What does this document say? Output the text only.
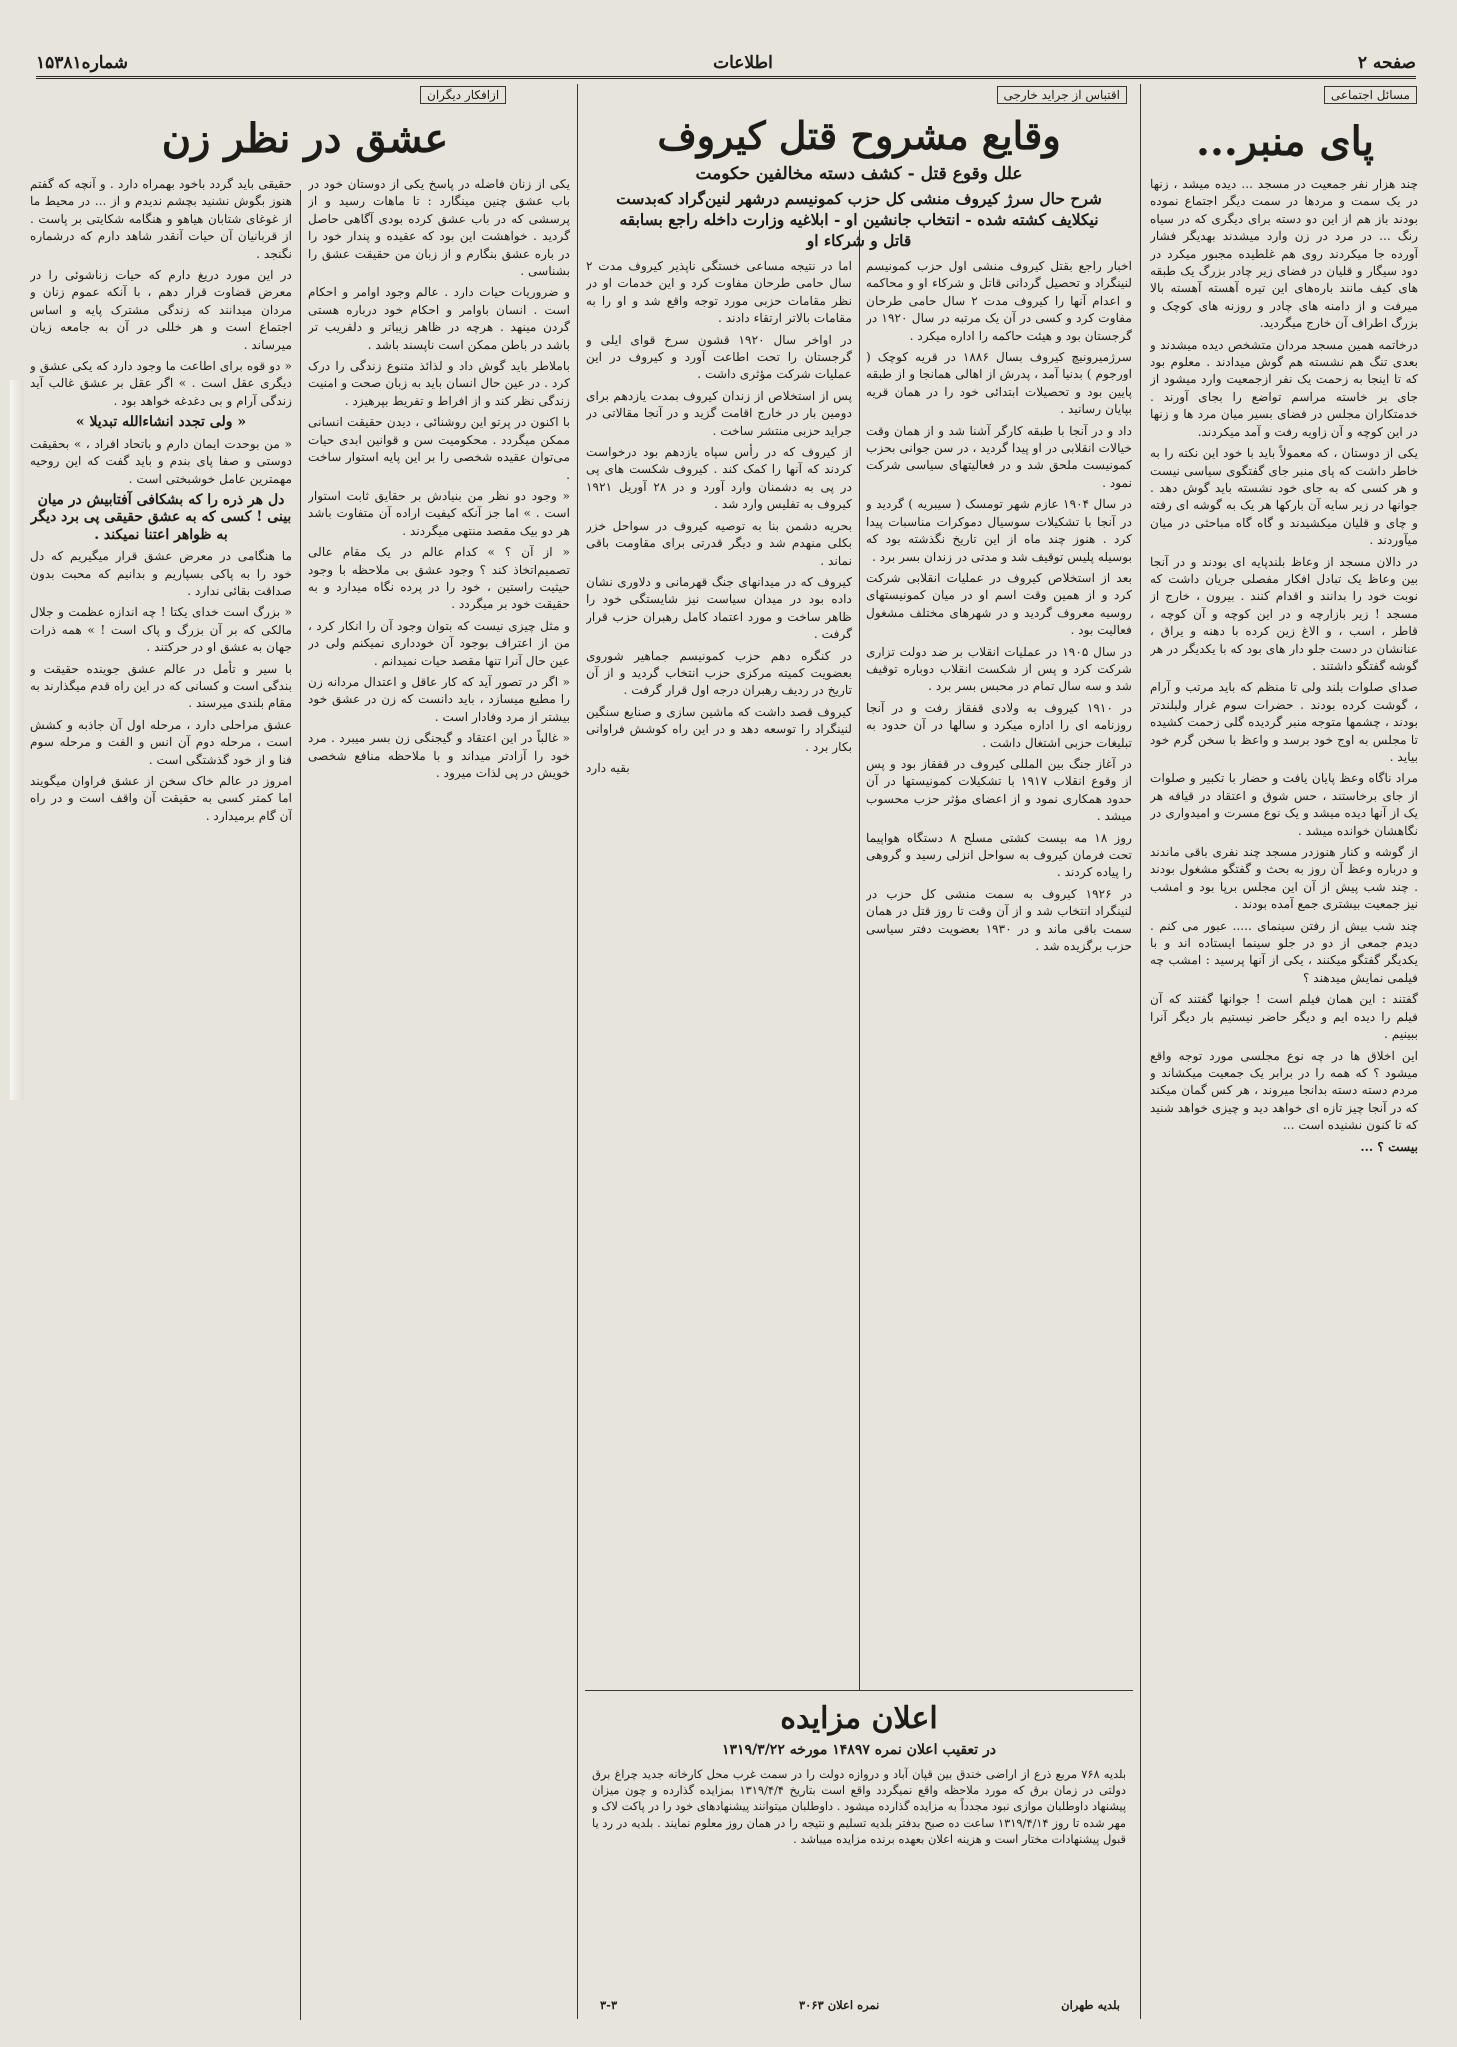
صفحه ۲
اطلاعات
شماره۱۵۳۸۱
مسائل اجتماعی
پای منبر...

چند هزار نفر جمعیت در مسجد ... دیده میشد ، زنها در یک سمت و مردها در سمت دیگر اجتماع نموده بودند باز هم از این دو دسته برای دیگری که در سیاه رنگ ... در مرد در زن وارد میشدند بهدیگر فشار آورده جا میکردند روی هم غلطیده مجبور میکرد در دود سیگار و قلیان در فضای زیر چادر بزرگ یک طبقه های کیف مانند باره‌های این تیره آهسته آهسته بالا میرفت و از دامنه های چادر و روزنه های کوچک و بزرگ اطراف آن خارج میگردید.

درخاتمه همین مسجد مردان متشخص دیده میشدند و بعدی تنگ هم نشسته هم گوش میدادند . معلوم بود که تا اینجا به زحمت یک نفر ازجمعیت وارد میشود از جای بر خاسته مراسم تواضع را بجای آورند . خدمتکاران مجلس در فضای بسیر میان مرد ها و زنها در این کوچه و آن زاویه رفت و آمد میکردند.

یکی از دوستان ، که معمولاً باید با خود این نکته را به خاطر داشت که پای منبر جای گفتگوی سیاسی نیست و هر کسی که به جای خود نشسته باید گوش دهد . جوانها در زیر سایه آن بارکها هر یک به گوشه ای رفته و چای و قلیان میکشیدند و گاه گاه مباحثی در میان میآوردند .

در دالان مسجد از وعاظ بلندپایه ای بودند و در آنجا بین وعاظ یک تبادل افکار مفصلی جریان داشت که نوبت خود را بدانند و اقدام کنند . بیرون ، خارج از مسجد ! زیر بازارچه و در این کوچه و آن کوچه ، قاطر ، اسب ، و الاغ زین کرده با دهنه و یراق ، عنانشان در دست جلو دار های بود که با یکدیگر در هر گوشه گفتگو داشتند .

صدای صلوات بلند ولی تا منظم که باید مرتب و آرام ، گوشت کرده بودند . حضرات سوم غرار ولبلندتر بودند ، چشمها متوجه منبر گردیده گلی زحمت کشیده تا مجلس به اوج خود برسد و واعظ با سخن گرم خود بیاید .

مراد ناگاه وعظ پایان یافت و حضار با تکبیر و صلوات از جای برخاستند ، حس شوق و اعتقاد در قیافه هر یک از آنها دیده میشد و یک نوع مسرت و امیدواری در نگاهشان خوانده میشد .

از گوشه و کنار هنوزدر مسجد چند نفری باقی ماندند و درباره وعظ آن روز به بحث و گفتگو مشغول بودند . چند شب پیش از آن این مجلس برپا بود و امشب نیز جمعیت بیشتری جمع آمده بودند .

چند شب بیش از رفتن سینمای ..... عبور می کنم . دیدم جمعی از دو در جلو سینما ایستاده اند و با یکدیگر گفتگو میکنند ، یکی از آنها پرسید : امشب چه فیلمی نمایش میدهند ؟

گفتند : این همان فیلم است ! جوانها گفتند که آن فیلم را دیده ایم و دیگر حاضر نیستیم بار دیگر آنرا ببینیم .

این اخلاق ها در چه نوع مجلسی مورد توجه واقع میشود ؟ که همه را در برابر یک جمعیت میکشاند و مردم دسته دسته بدانجا میروند ، هر کس گمان میکند که در آنجا چیز تازه ای خواهد دید و چیزی خواهد شنید که تا کنون نشنیده است ...

بیست ؟ ...

اقتباس از جراید خارجی
وقایع مشروح قتل کیروف
علل وقوع قتل - کشف دسته مخالفین حکومت
شرح حال سرژ کیروف منشی کل حزب کمونیسم درشهر لنین‌گراد که‌بدست
نیکلایف کشته شده - انتخاب جانشین او - ابلاغیه وزارت داخله راجع بسابقه
قاتل و شرکاء او

اخبار راجع بقتل کیروف منشی اول حزب کمونیسم لنینگراد و تحصیل گردانی قاتل و شرکاء او و محاکمه و اعدام آنها را کیروف مدت ۲ سال حامی طرحان مفاوت کرد و کسی در آن یک مرتبه در سال ۱۹۲۰ در گرجستان بود و هیئت حاکمه را اداره میکرد .

سرژمیرونیچ کیروف بسال ۱۸۸۶ در قریه کوچک ( اورجوم ) بدنیا آمد ، پدرش از اهالی همانجا و از طبقه پایین بود و تحصیلات ابتدائی خود را در همان قریه بپایان رسانید .

داد و در آنجا با طبقه کارگر آشنا شد و از همان وقت خیالات انقلابی در او پیدا گردید ، در سن جوانی بحزب کمونیست ملحق شد و در فعالیتهای سیاسی شرکت نمود .

در سال ۱۹۰۴ عازم شهر تومسک ( سیبریه ) گردید و در آنجا با تشکیلات سوسیال دموکرات مناسبات پیدا کرد . هنوز چند ماه از این تاریخ نگذشته بود که بوسیله پلیس توقیف شد و مدتی در زندان بسر برد .

بعد از استخلاص کیروف در عملیات انقلابی شرکت کرد و از همین وقت اسم او در میان کمونیستهای روسیه معروف گردید و در شهرهای مختلف مشغول فعالیت بود .

در سال ۱۹۰۵ در عملیات انقلاب بر ضد دولت تزاری شرکت کرد و پس از شکست انقلاب دوباره توقیف شد و سه سال تمام در محبس بسر برد .

در ۱۹۱۰ کیروف به ولادی قفقاز رفت و در آنجا روزنامه ای را اداره میکرد و سالها در آن حدود به تبلیغات حزبی اشتغال داشت .

در آغاز جنگ بین المللی کیروف در قفقاز بود و پس از وقوع انقلاب ۱۹۱۷ با تشکیلات کمونیستها در آن حدود همکاری نمود و از اعضای مؤثر حزب محسوب میشد .

روز ۱۸ مه بیست کشتی مسلح ۸ دستگاه هواپیما تحت فرمان کیروف به سواحل انزلی رسید و گروهی را پیاده کردند .

در ۱۹۲۶ کیروف به سمت منشی کل حزب در لنینگراد انتخاب شد و از آن وقت تا روز قتل در همان سمت باقی ماند و در ۱۹۳۰ بعضویت دفتر سیاسی حزب برگزیده شد .

اما در نتیجه مساعی خستگی ناپذیر کیروف مدت ۲ سال حامی طرحان مفاوت کرد و این خدمات او در نظر مقامات حزبی مورد توجه واقع شد و او را به مقامات بالاتر ارتقاء دادند .

در اواخر سال ۱۹۲۰ قشون سرخ قوای ایلی و گرجستان را تحت اطاعت آورد و کیروف در این عملیات شرکت مؤثری داشت .

پس از استخلاص از زندان کیروف بمدت یازدهم برای دومین بار در خارج اقامت گزید و در آنجا مقالاتی در جراید حزبی منتشر ساخت .

از کیروف که در رأس سپاه یازدهم بود درخواست کردند که آنها را کمک کند . کیروف شکست های پی در پی به دشمنان وارد آورد و در ۲۸ آوریل ۱۹۲۱ کیروف به تفلیس وارد شد .

بحریه دشمن بنا به توصیه کیروف در سواحل خزر بکلی منهدم شد و دیگر قدرتی برای مقاومت باقی نماند .

کیروف که در میدانهای جنگ قهرمانی و دلاوری نشان داده بود در میدان سیاست نیز شایستگی خود را ظاهر ساخت و مورد اعتماد کامل رهبران حزب قرار گرفت .

در کنگره دهم حزب کمونیسم جماهیر شوروی بعضویت کمیته مرکزی حزب انتخاب گردید و از آن تاریخ در ردیف رهبران درجه اول قرار گرفت .

کیروف قصد داشت که ماشین سازی و صنایع سنگین لنینگراد را توسعه دهد و در این راه کوشش فراوانی بکار برد .

بقیه دارد

اعلان مزایده
در تعقیب اعلان نمره ۱۴۸۹۷ مورخه ۱۳۱۹/۳/۲۲
بلدیه ۷۶۸ مربع ذرع از اراضی خندق بین قپان آباد و دروازه دولت را در سمت غرب محل کارخانه جدید چراغ برق دولتی در زمان برق که مورد ملاحظه واقع نمیگردد واقع است بتاریخ ۱۳۱۹/۴/۴ بمزایده گذارده و چون میزان پیشنهاد داوطلبان موازی نبود مجدداً به مزایده گذارده میشود . داوطلبان میتوانند پیشنهادهای خود را در پاکت لاک و مهر شده تا روز ۱۳۱۹/۴/۱۴ ساعت ده صبح بدفتر بلدیه تسلیم و نتیجه را در همان روز معلوم نمایند . بلدیه در رد یا قبول پیشنهادات مختار است و هزینه اعلان بعهده برنده مزایده میباشد .
بلدیه طهران
نمره اعلان ۳۰۶۳
۳-۳
ازافکار دیگران
عشق در نظر زن

یکی از زنان فاضله در پاسخ یکی از دوستان خود در باب عشق چنین مینگارد : تا ماهات رسید و از پرسشی که در باب عشق کرده بودی آگاهی حاصل گردید . خواهشت این بود که عقیده و پندار خود را در باره عشق بنگارم و از زبان من حقیقت عشق را بشناسی .

و ضروریات حیات دارد . عالم وجود اوامر و احکام است . انسان باوامر و احکام خود درباره هستی گردن مینهد . هرچه در ظاهر زیباتر و دلفریب تر باشد در باطن ممکن است ناپسند باشد .

باملاطر باید گوش داد و لذائذ متنوع زندگی را درک کرد . در عین حال انسان باید به زبان صحت و امنیت زندگی نظر کند و از افراط و تفریط بپرهیزد .

با اکنون در پرتو این روشنائی ، دیدن حقیقت انسانی ممکن میگردد . محکومیت سن و قوانین ابدی حیات می‌توان عقیده شخصی را بر این پایه استوار ساخت .

« وجود دو نظر من بنیادش بر حقایق ثابت استوار است . » اما جز آنکه کیفیت اراده آن متفاوت باشد هر دو بیک مقصد منتهی میگردند .

« از آن ؟ » کدام عالم در یک مقام عالی تصمیم‌اتخاذ کند ؟ وجود عشق بی ملاحظه با وجود حیثیت راستین ، خود را در پرده نگاه میدارد و به حقیقت خود بر میگردد .

و مثل چیزی نیست که بتوان وجود آن را انکار کرد ، من از اعتراف بوجود آن خودداری نمیکنم ولی در عین حال آنرا تنها مقصد حیات نمیدانم .

« اگر در تصور آید که کار عاقل و اعتدال مردانه زن را مطیع میسازد ، باید دانست که زن در عشق خود بیشتر از مرد وفادار است .

« غالباً در این اعتقاد و گیجنگی زن بسر میبرد . مرد خود را آزادتر میداند و با ملاحظه منافع شخصی خویش در پی لذات میرود .

حقیقی باید گردد باخود بهمراه دارد . و آنچه که گفتم هنوز بگوش نشنید بچشم ندیدم و از ... در محیط ما از غوغای شتابان هیاهو و هنگامه شکایتی بر پاست . از قربانیان آن حیات آنقدر شاهد دارم که درشماره نگنجد .

در این مورد دریغ دارم که حیات زناشوئی را در معرض قضاوت قرار دهم ، با آنکه عموم زنان و مردان میدانند که زندگی مشترک پایه و اساس اجتماع است و هر خللی در آن به جامعه زیان میرساند .

« دو قوه برای اطاعت ما وجود دارد که یکی عشق و دیگری عقل است . » اگر عقل بر عشق غالب آید زندگی آرام و بی دغدغه خواهد بود .

« ولی تجدد انشاءالله تبدیلا »

« من بوحدت ایمان دارم و باتحاد افراد ، » بحقیقت دوستی و صفا پای بندم و باید گفت که این روحیه مهمترین عامل خوشبختی است .

دل هر ذره را که بشکافی آفتابیش در میان بینی ! کسی که به عشق حقیقی پی برد دیگر به ظواهر اعتنا نمیکند .

ما هنگامی در معرض عشق قرار میگیریم که دل خود را به پاکی بسپاریم و بدانیم که محبت بدون صداقت بقائی ندارد .

« بزرگ است خدای یکتا ! چه اندازه عظمت و جلال مالکی که بر آن بزرگ و پاک است ! » همه ذرات جهان به عشق او در حرکتند .

با سیر و تأمل در عالم عشق جوینده حقیقت و بندگی است و کسانی که در این راه قدم میگذارند به مقام بلندی میرسند .

عشق مراحلی دارد ، مرحله اول آن جاذبه و کشش است ، مرحله دوم آن انس و الفت و مرحله سوم فنا و از خود گذشتگی است .

امروز در عالم خاک سخن از عشق فراوان میگویند اما کمتر کسی به حقیقت آن واقف است و در راه آن گام برمیدارد .
